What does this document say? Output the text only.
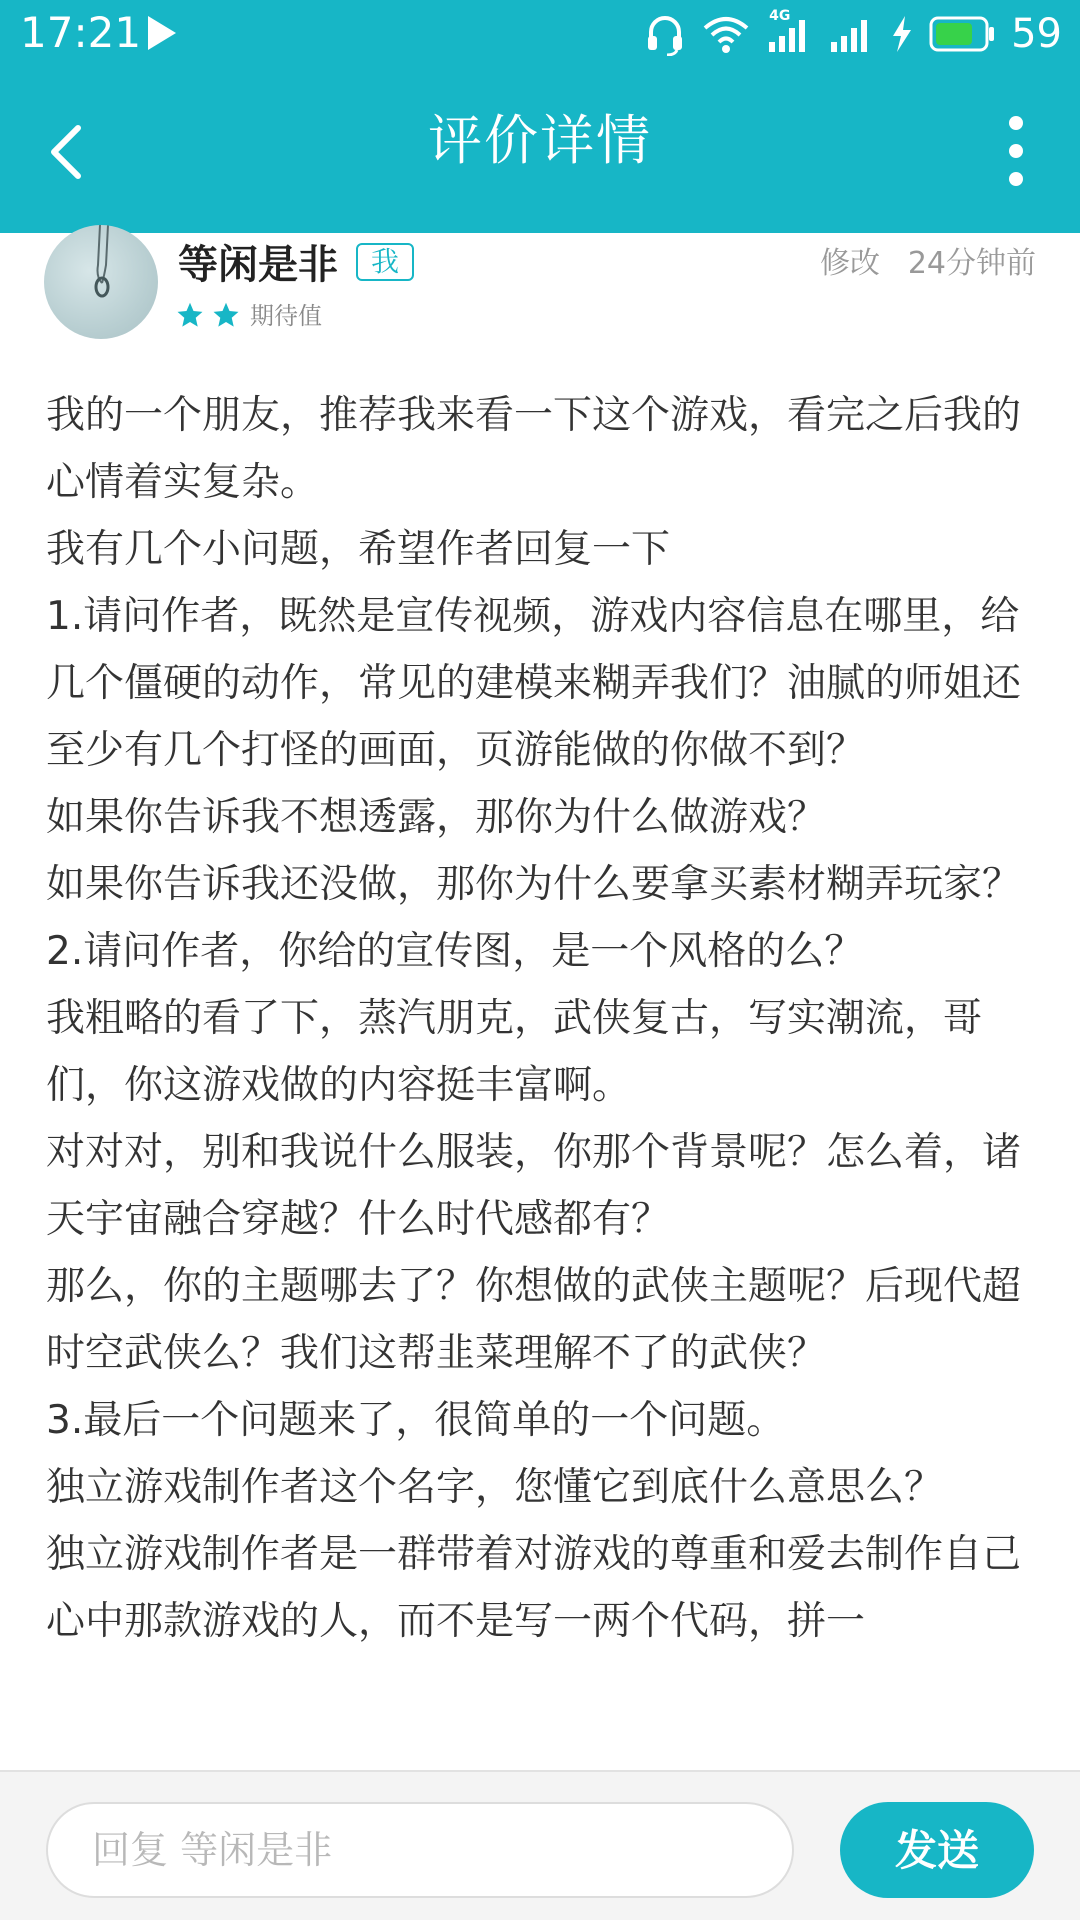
17:21	4G	59
评价详情
等闲是非	我
期待值
修改 24分钟前

我的一个朋友，推荐我来看一下这个游戏，看完之后我的心情着实复杂。

我有几个小问题，希望作者回复一下

1.请问作者，既然是宣传视频，游戏内容信息在哪里，给几个僵硬的动作，常见的建模来糊弄我们？油腻的师姐还至少有几个打怪的画面，页游能做的你做不到？

如果你告诉我不想透露，那你为什么做游戏？

如果你告诉我还没做，那你为什么要拿买素材糊弄玩家？

2.请问作者，你给的宣传图，是一个风格的么？

我粗略的看了下，蒸汽朋克，武侠复古，写实潮流，哥们，你这游戏做的内容挺丰富啊。

对对对，别和我说什么服装，你那个背景呢？怎么着，诸天宇宙融合穿越？什么时代感都有？

那么，你的主题哪去了？你想做的武侠主题呢？后现代超时空武侠么？我们这帮韭菜理解不了的武侠？

3.最后一个问题来了，很简单的一个问题。

独立游戏制作者这个名字，您懂它到底什么意思么？

独立游戏制作者是一群带着对游戏的尊重和爱去制作自己心中那款游戏的人，而不是写一两个代码，拼一

回复 等闲是非
发送
